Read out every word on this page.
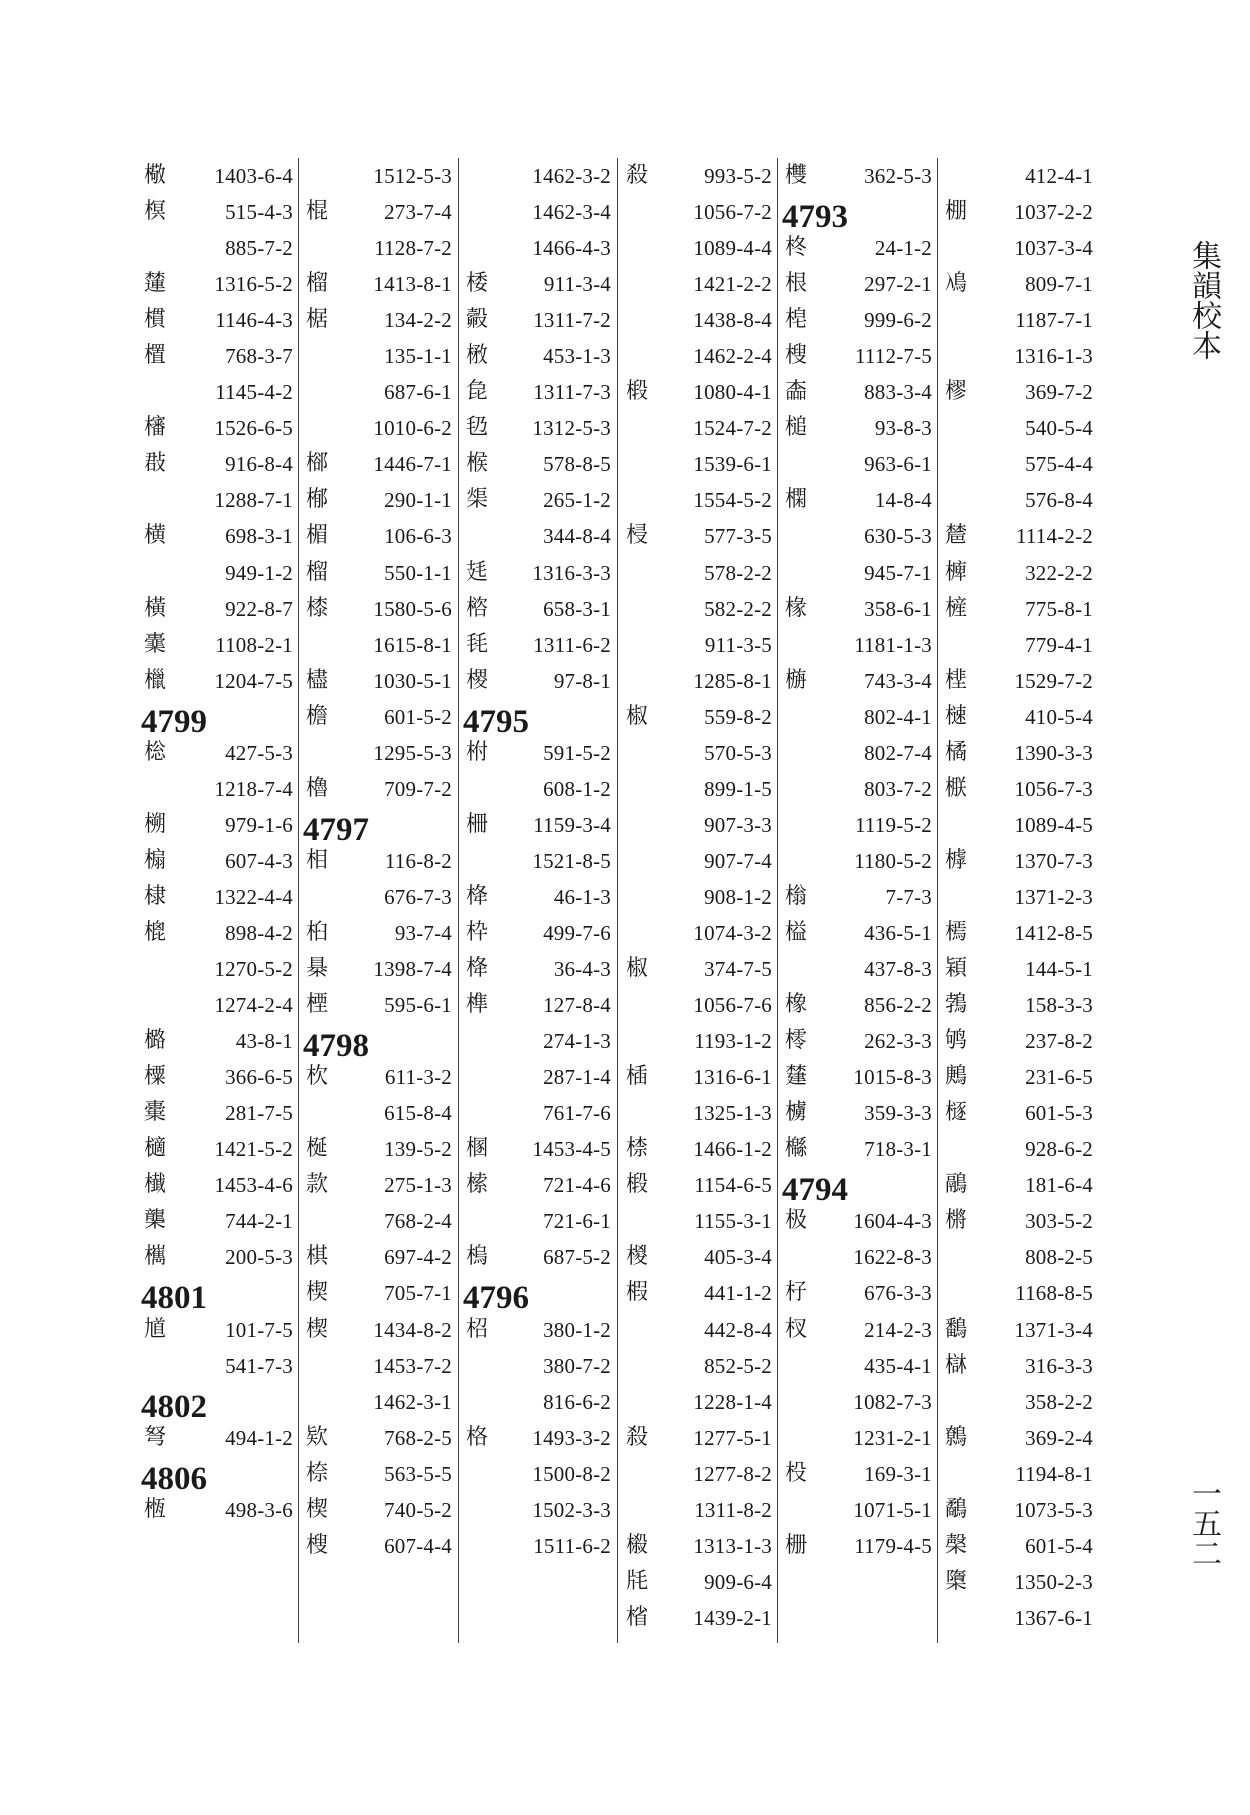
㯳 1403-6-4
榠	515-4-3
885-7-2
㰈 1316-5-2
樌 1146-4-3
㯰	768-3-7
1145-4-2
㰂 1526-6-5
㪊	916-8-4
1288-7-1
横	698-3-1
949-1-2
橫	922-8-7
㰆 1108-2-1
㯿 1204-7-5
4799
棇	427-5-3
1218-7-4
㮶	979-1-6
㮼	607-4-3
棣 1322-4-4
㮰	898-4-2
1270-5-2
1274-2-4
㯝	43-8-1
㯨	366-6-5
㯱	281-7-5
㰅 1421-5-2
㰇 1453-4-6
㰍	744-2-1
㰎	200-5-3
4801
馗	101-7-5
541-7-3
4802
弩	494-1-2
4806
㮓	498-3-6
1512-5-3
棍	273-7-4
1128-7-2
榴 1413-8-1
椐	134-2-2
135-1-1
687-6-1
1010-6-2
㮝 1446-7-1
㮋	290-1-1
楣	106-6-3
榴	550-1-1
㯃 1580-5-6
1615-8-1
㯸 1030-5-1
檐	601-5-2
1295-5-3
櫓	709-7-2
4797
相	116-8-2
676-7-3
桕	93-7-4
㮂 1398-7-4
㮒	595-6-1
4798
杴	611-3-2
615-8-4
梴	139-5-2
款	275-1-3
768-2-4
棋	697-4-2
楔	705-7-1
楔 1434-8-2
1453-7-2
1462-3-1
欵	768-2-5
㮈	563-5-5
楔	740-5-2
㮴	607-4-4
1462-3-2
1462-3-4
1466-4-3
㮃	911-3-4
㲉 1311-7-2
㮘	453-1-3
㲋 1311-7-3
㲌 1312-5-3
㮢	578-8-5
㮡	265-1-2
344-8-4
㲍 1316-3-3
㮞	658-3-1
㲎 1311-6-2
㮨	97-8-1
4795
柎	591-5-2
608-1-2
柵 1159-3-4
1521-8-5
栙	46-1-3
枠	499-7-6
栙	36-4-3
榫	127-8-4
274-1-3
287-1-4
761-7-6
㮯 1453-4-5
㮦	721-4-6
721-6-1
㮧	687-5-2
4796
柖	380-1-2
380-7-2
816-6-2
格 1493-3-2
1500-8-2
1502-3-3
1511-6-2
殺	993-5-2
1056-7-2
1089-4-4
1421-2-2
1438-8-4
1462-2-4
椴 1080-4-1
1524-7-2
1539-6-1
1554-5-2
梫	577-3-5
578-2-2
582-2-2
911-3-5
1285-8-1
椒	559-8-2
570-5-3
899-1-5
907-3-3
907-7-4
908-1-2
1074-3-2
椒	374-7-5
1056-7-6
1193-1-2
㮑 1316-6-1
1325-1-3
㮏 1466-1-2
椴 1154-6-5
1155-3-1
椶	405-3-4
椵	441-1-2
442-8-4
852-5-2
1228-1-4
殺 1277-5-1
1277-8-2
1311-8-2
榝 1313-1-3
㲏	909-6-4
㮐 1439-2-1
欆	362-5-3
4793
柊	24-1-2
根	297-2-1
梍	999-6-2
㮴 1112-7-5
㮺	883-3-4
槌	93-8-3
963-6-1
㯗	14-8-4
630-5-3
945-7-1
椽	358-6-1
1181-1-3
㮵	743-3-4
802-4-1
802-7-4
803-7-2
1119-5-2
1180-5-2
㮬	7-7-3
榏	436-5-1
437-8-3
橡	856-2-2
㯪	262-3-3
㯬 1015-8-3
㯭	359-3-3
㰃	718-3-1
4794
极 1604-4-3
1622-8-3
杍	676-3-3
杈	214-2-3
435-4-1
1082-7-3
1231-2-1
杸	169-3-1
1071-5-1
栅 1179-4-5
412-4-1
棚 1037-2-2
1037-3-4
鳰	809-7-1
1187-7-1
1316-1-3
樛	369-7-2
540-5-4
575-4-4
576-8-4
㯄 1114-2-2
㯅	322-2-2
㯆	775-8-1
779-4-1
㯇 1529-7-2
㯈	410-5-4
橘 1390-3-3
㮳 1056-7-3
1089-4-5
㯉 1370-7-3
1371-2-3
㯊 1412-8-5
㯋	144-5-1
鵓	158-3-3
鸲	237-8-2
鶊	231-6-5
㯌	601-5-3
928-6-2
鷊	181-6-4
㯍	303-5-2
808-2-5
1168-8-5
鷭 1371-3-4
㯎	316-3-3
358-2-2
鷯	369-2-4
1194-8-1
鷸 1073-5-3
㯏	601-5-4
㯐 1350-2-3
1367-6-1
集韻校本
一五二
